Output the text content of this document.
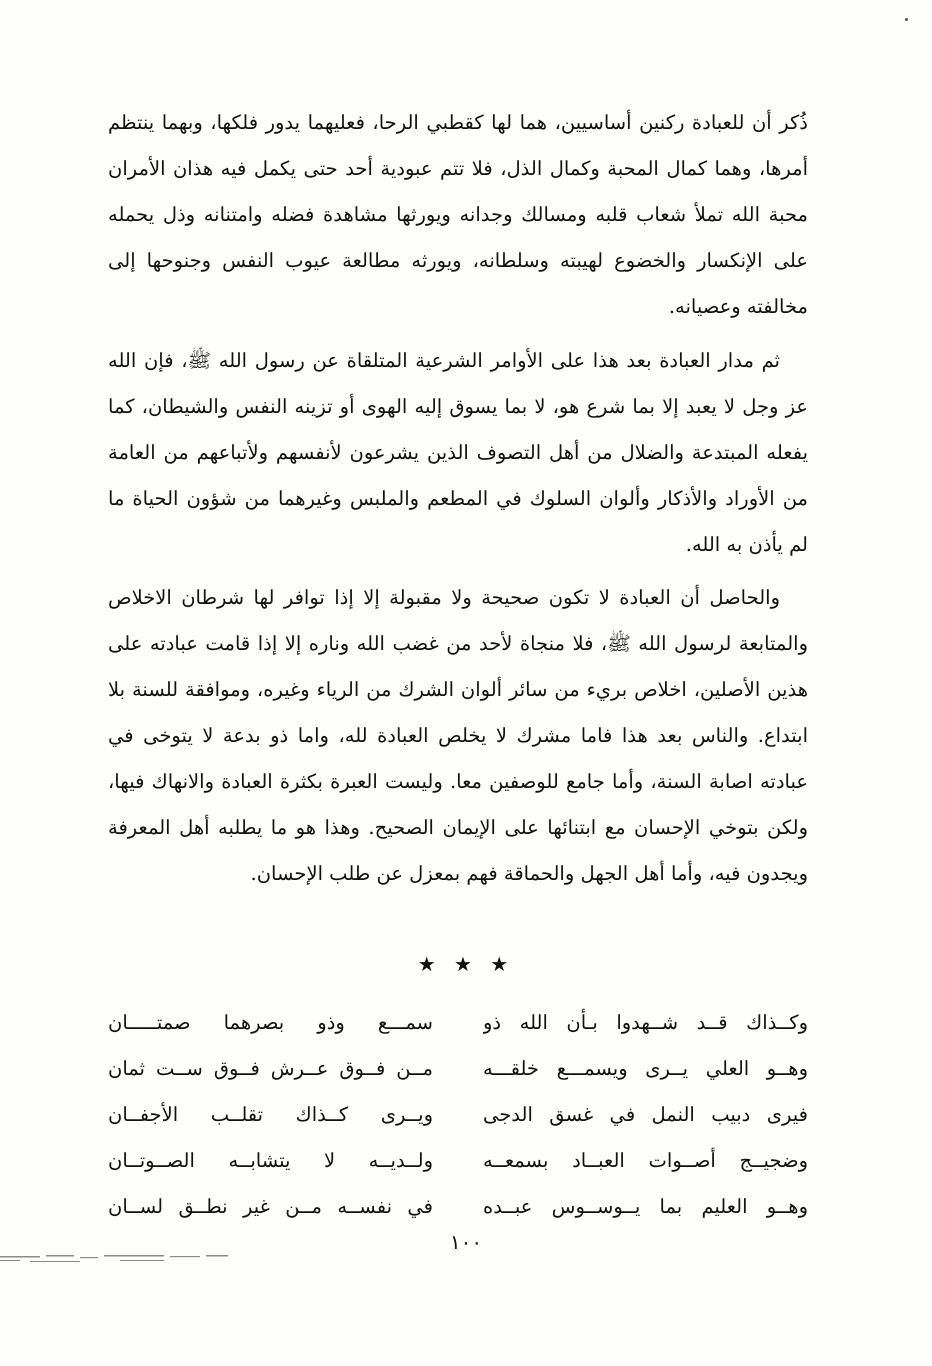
ذُكر أن للعبادة ركنين أساسيين، هما لها كقطبي الرحا، فعليهما يدور فلكها، وبهما ينتظم أمرها، وهما كمال المحبة وكمال الذل، فلا تتم عبودية أحد حتى يكمل فيه هذان الأمران محبة الله تملأ شعاب قلبه ومسالك وجدانه ويورثها مشاهدة فضله وامتنانه وذل يحمله على الإنكسار والخضوع لهيبته وسلطانه، ويورثه مطالعة عيوب النفس وجنوحها إلى مخالفته وعصيانه.

ثم مدار العبادة بعد هذا على الأوامر الشرعية المتلقاة عن رسول الله ﷺ، فإن الله عز وجل لا يعبد إلا بما شرع هو، لا بما يسوق إليه الهوى أو تزينه النفس والشيطان، كما يفعله المبتدعة والضلال من أهل التصوف الذين يشرعون لأنفسهم ولأتباعهم من العامة من الأوراد والأذكار وألوان السلوك في المطعم والملبس وغيرهما من شؤون الحياة ما لم يأذن به الله.

والحاصل أن العبادة لا تكون صحيحة ولا مقبولة إلا إذا توافر لها شرطان الاخلاص والمتابعة لرسول الله ﷺ، فلا منجاة لأحد من غضب الله وناره إلا إذا قامت عبادته على هذين الأصلين، اخلاص بريء من سائر ألوان الشرك من الرياء وغيره، وموافقة للسنة بلا ابتداع. والناس بعد هذا فاما مشرك لا يخلص العبادة لله، واما ذو بدعة لا يتوخى في عبادته اصابة السنة، وأما جامع للوصفين معا. وليست العبرة بكثرة العبادة والانهاك فيها، ولكن بتوخي الإحسان مع ابتنائها على الإيمان الصحيح. وهذا هو ما يطلبه أهل المعرفة ويجدون فيه، وأما أهل الجهل والحماقة فهم بمعزل عن طلب الإحسان.

★ ★ ★
وكــذاك قــد شــهدوا بـأن الله ذو
سمـــع وذو بصرهما صمتـــــان
وهــو العلي يــرى ويسمـــع خلقـــه
مــن فــوق عــرش فــوق ســت ثمان
فيرى دبيب النمل في غسق الدجى
ويــرى كــذاك تقلــب الأجفــان
وضجيــج أصــوات العبــاد بسمعــه
ولــديــه لا يتشابــه الصــوتــان
وهــو العليم بما يــوســوس عبــده
في نفســه مــن غير نطــق لســان
١٠٠
